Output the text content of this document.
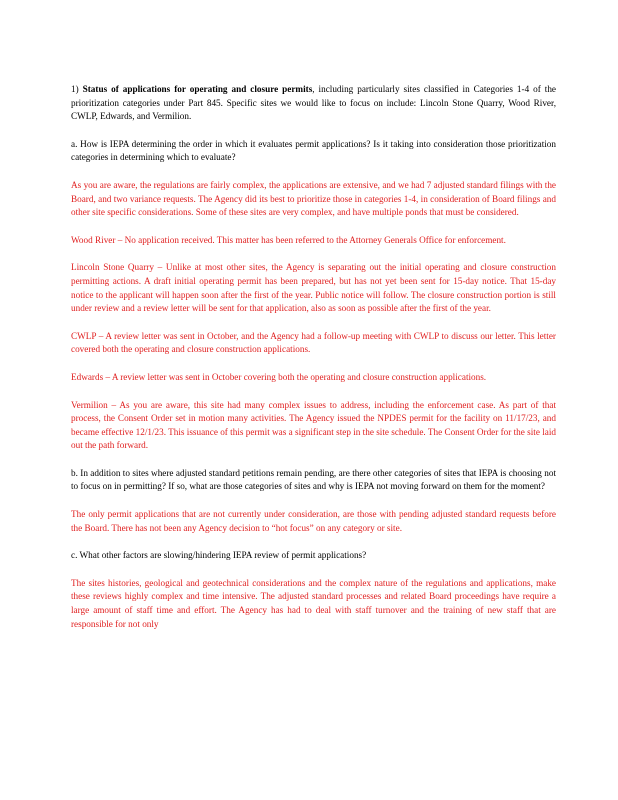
1) Status of applications for operating and closure permits, including particularly sites classified in Categories 1-4 of the prioritization categories under Part 845. Specific sites we would like to focus on include: Lincoln Stone Quarry, Wood River, CWLP, Edwards, and Vermilion.

a. How is IEPA determining the order in which it evaluates permit applications? Is it taking into consideration those prioritization categories in determining which to evaluate?

As you are aware, the regulations are fairly complex, the applications are extensive, and we had 7 adjusted standard filings with the Board, and two variance requests. The Agency did its best to prioritize those in categories 1-4, in consideration of Board filings and other site specific considerations. Some of these sites are very complex, and have multiple ponds that must be considered.

Wood River – No application received. This matter has been referred to the Attorney Generals Office for enforcement.

Lincoln Stone Quarry – Unlike at most other sites, the Agency is separating out the initial operating and closure construction permitting actions. A draft initial operating permit has been prepared, but has not yet been sent for 15-day notice. That 15-day notice to the applicant will happen soon after the first of the year. Public notice will follow. The closure construction portion is still under review and a review letter will be sent for that application, also as soon as possible after the first of the year.

CWLP – A review letter was sent in October, and the Agency had a follow-up meeting with CWLP to discuss our letter. This letter covered both the operating and closure construction applications.

Edwards – A review letter was sent in October covering both the operating and closure construction applications.

Vermilion – As you are aware, this site had many complex issues to address, including the enforcement case. As part of that process, the Consent Order set in motion many activities. The Agency issued the NPDES permit for the facility on 11/17/23, and became effective 12/1/23. This issuance of this permit was a significant step in the site schedule. The Consent Order for the site laid out the path forward.

b. In addition to sites where adjusted standard petitions remain pending, are there other categories of sites that IEPA is choosing not to focus on in permitting? If so, what are those categories of sites and why is IEPA not moving forward on them for the moment?

The only permit applications that are not currently under consideration, are those with pending adjusted standard requests before the Board. There has not been any Agency decision to “hot focus” on any category or site.

c. What other factors are slowing/hindering IEPA review of permit applications?

The sites histories, geological and geotechnical considerations and the complex nature of the regulations and applications, make these reviews highly complex and time intensive. The adjusted standard processes and related Board proceedings have require a large amount of staff time and effort. The Agency has had to deal with staff turnover and the training of new staff that are responsible for not only
